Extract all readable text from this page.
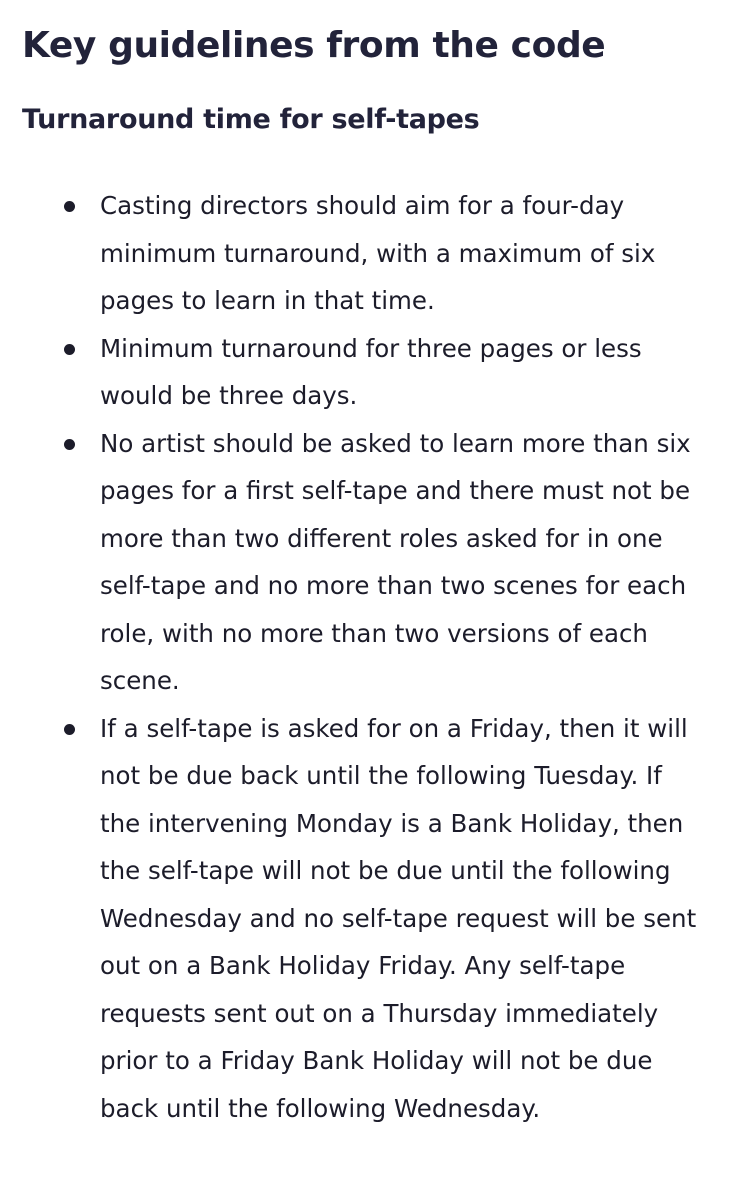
Key guidelines from the code
Turnaround time for self-tapes
Casting directors should aim for a four-day minimum turnaround, with a maximum of six pages to learn in that time.
Minimum turnaround for three pages or less would be three days.
No artist should be asked to learn more than six pages for a first self-tape and there must not be more than two different roles asked for in one self-tape and no more than two scenes for each role, with no more than two versions of each scene.
If a self-tape is asked for on a Friday, then it will not be due back until the following Tuesday. If the intervening Monday is a Bank Holiday, then the self-tape will not be due until the following Wednesday and no self-tape request will be sent out on a Bank Holiday Friday. Any self-tape requests sent out on a Thursday immediately prior to a Friday Bank Holiday will not be due back until the following Wednesday.
